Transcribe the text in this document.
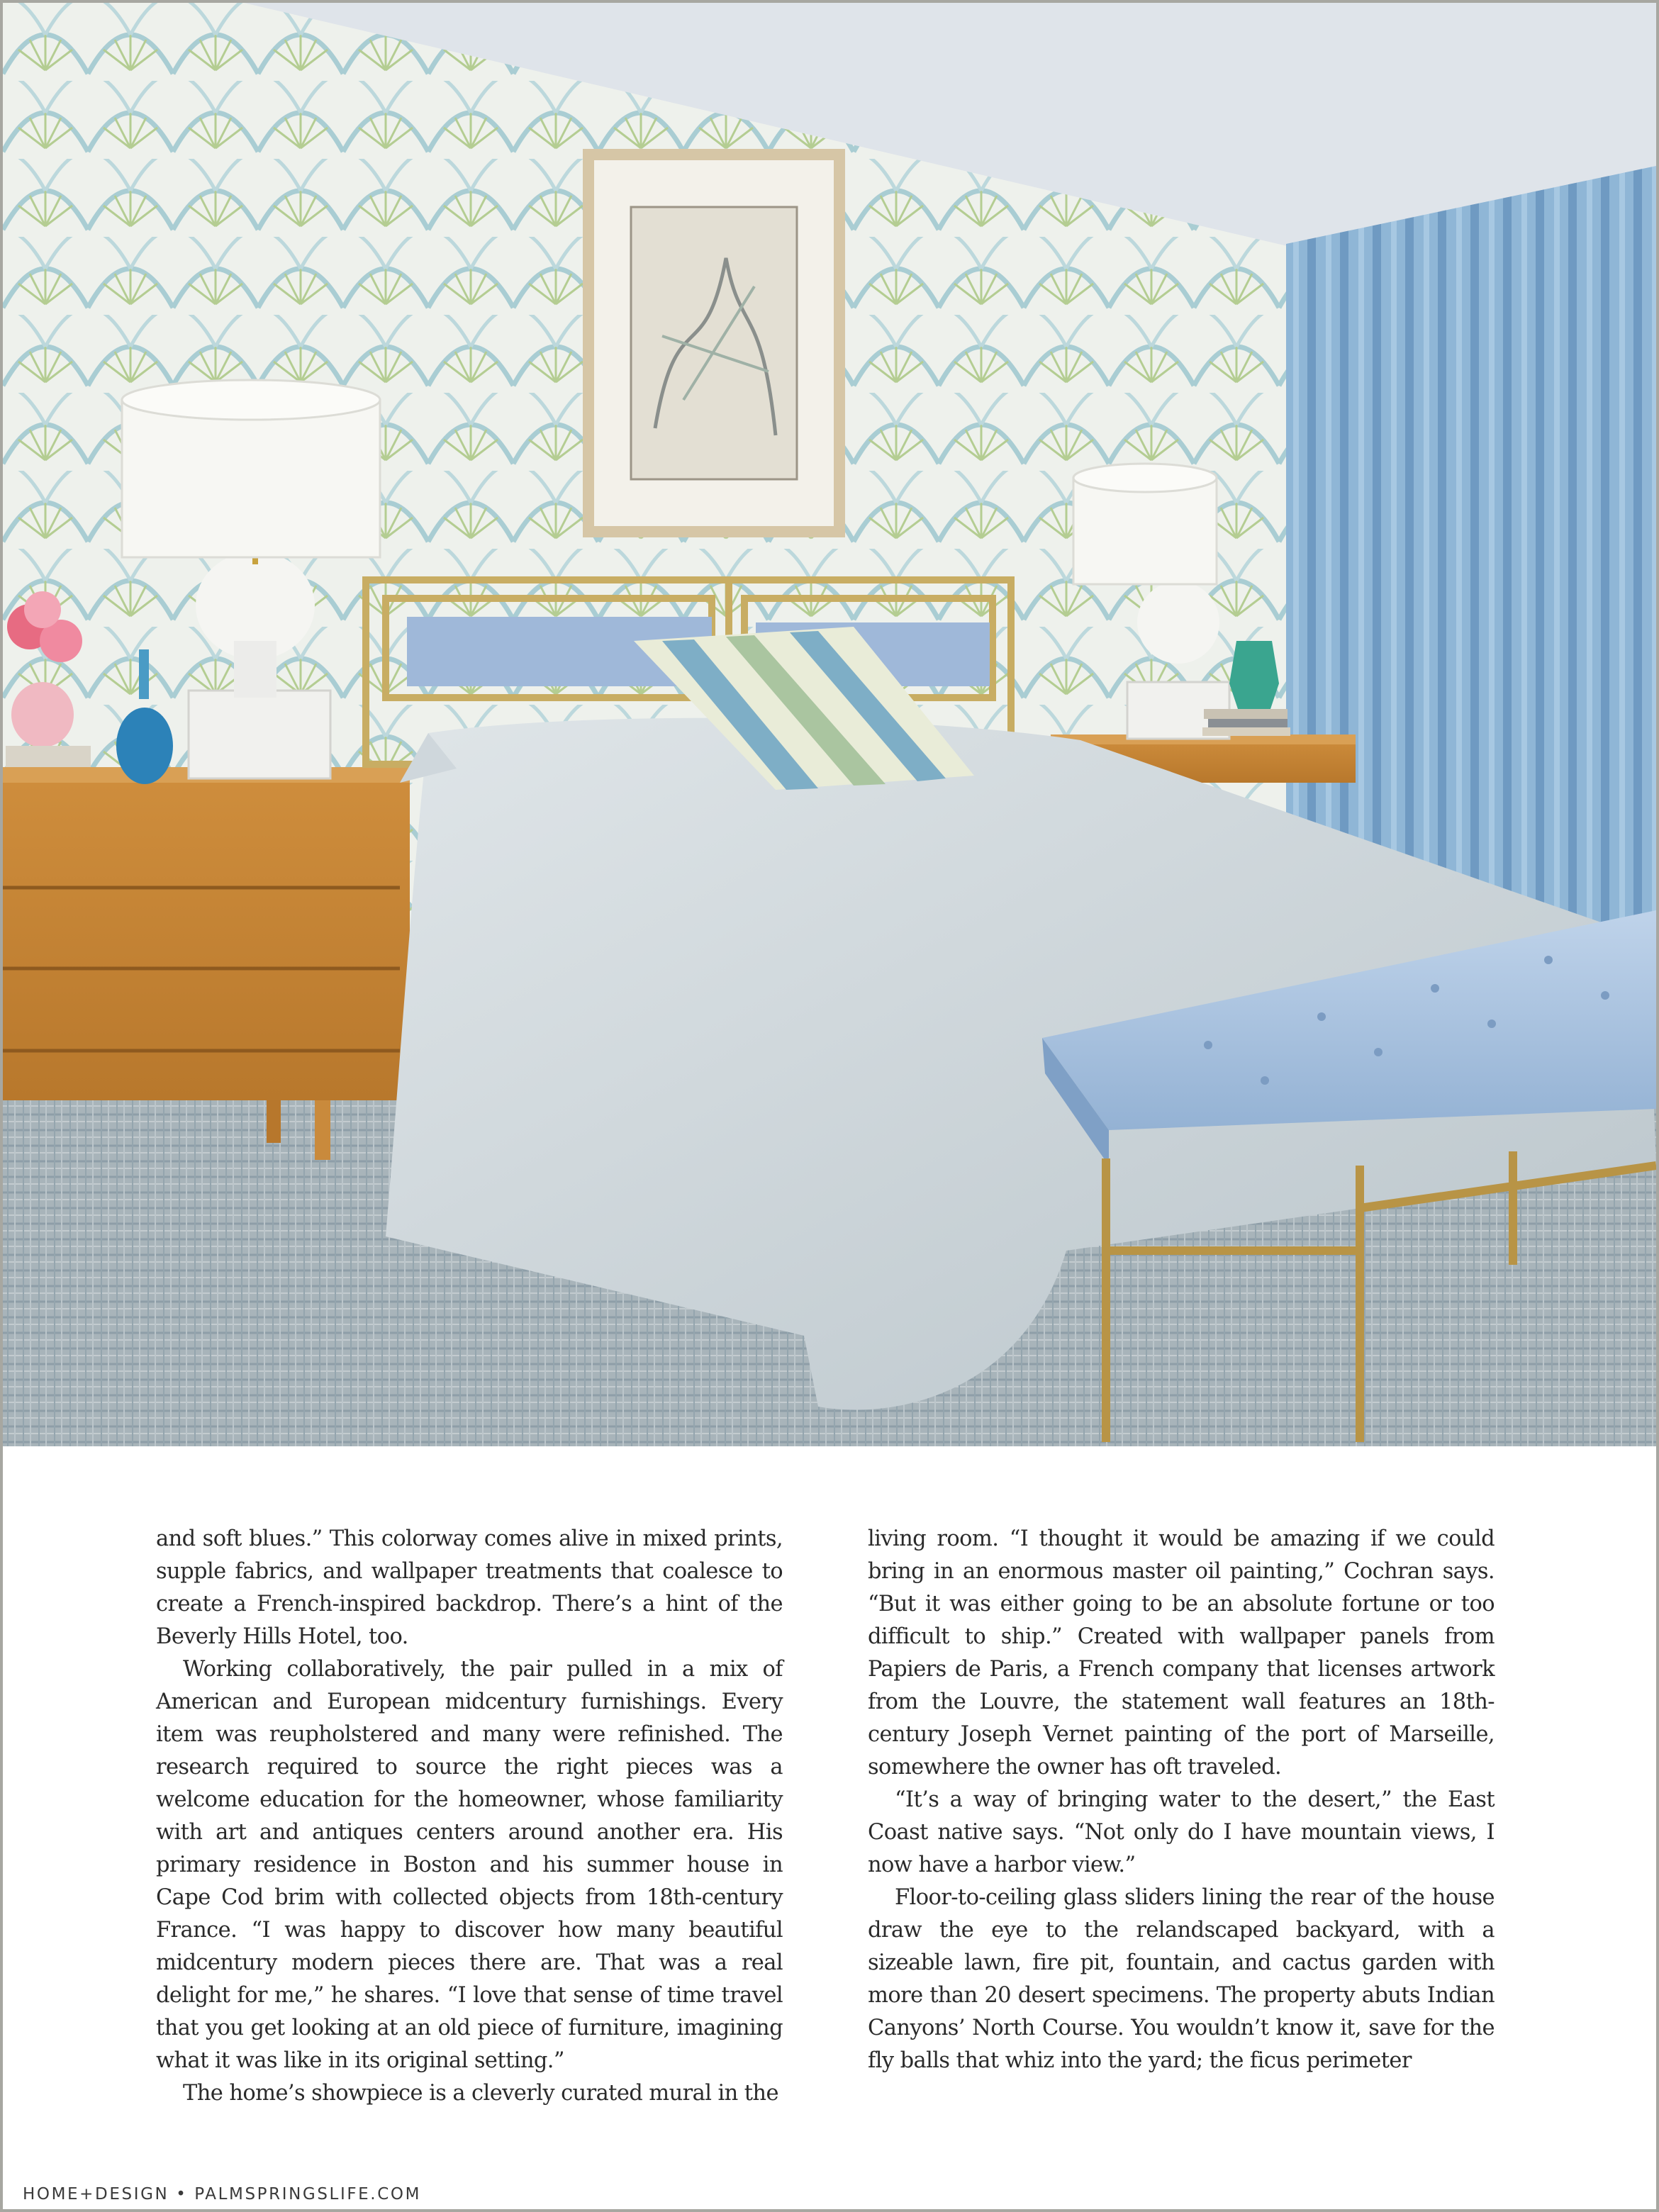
and soft blues.” This colorway comes alive in mixed prints, supple fabrics, and wallpaper treatments that coalesce to create a French-inspired backdrop. There’s a hint of the Beverly Hills Hotel, too.

Working collaboratively, the pair pulled in a mix of American and European midcentury furnishings. Every item was reupholstered and many were refinished. The research required to source the right pieces was a welcome education for the homeowner, whose familiarity with art and antiques centers around another era. His primary residence in Boston and his summer house in Cape Cod brim with collected objects from 18th-century France. “I was happy to discover how many beautiful midcentury modern pieces there are. That was a real delight for me,” he shares. “I love that sense of time travel that you get looking at an old piece of furniture, imagining what it was like in its original setting.”

The home’s showpiece is a cleverly curated mural in the

living room. “I thought it would be amazing if we could bring in an enormous master oil painting,” Cochran says. “But it was either going to be an absolute fortune or too difficult to ship.” Created with wallpaper panels from Papiers de Paris, a French company that licenses artwork from the Louvre, the statement wall features an 18th-century Joseph Vernet painting of the port of Marseille, somewhere the owner has oft traveled.

“It’s a way of bringing water to the desert,” the East Coast native says. “Not only do I have mountain views, I now have a harbor view.”

Floor-to-ceiling glass sliders lining the rear of the house draw the eye to the relandscaped backyard, with a sizeable lawn, fire pit, fountain, and cactus garden with more than 20 desert specimens. The property abuts Indian Canyons’ North Course. You wouldn’t know it, save for the fly balls that whiz into the yard; the ficus perimeter

HOME+DESIGN • PALMSPRINGSLIFE.COM
